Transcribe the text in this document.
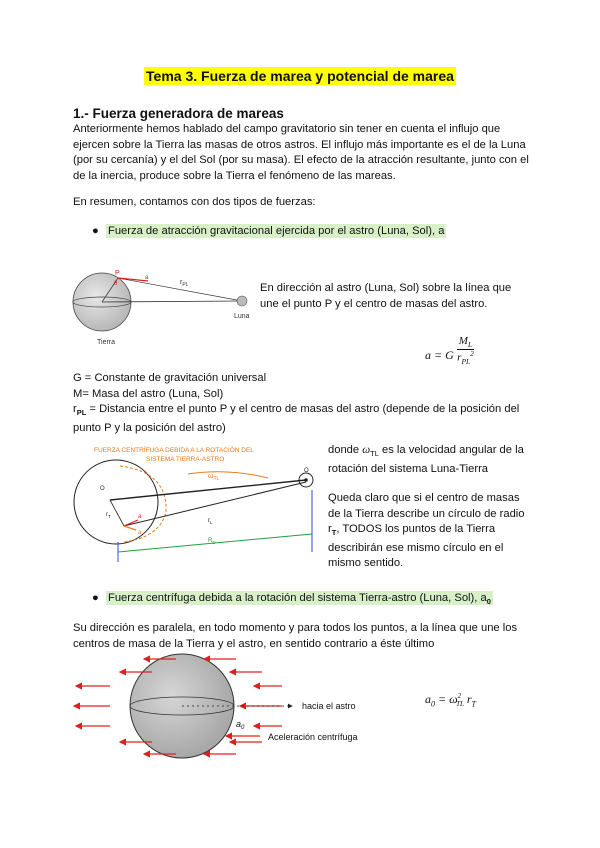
Tema 3. Fuerza de marea y potencial de marea
1.- Fuerza generadora de mareas
Anteriormente hemos hablado del campo gravitatorio sin tener en cuenta el influjo que
ejercen sobre la Tierra las masas de otros astros. El influjo más importante es el de la Luna
(por su cercanía) y el del Sol (por su masa). El efecto de la atracción resultante, junto con el
de la inercia, produce sobre la Tierra el fenómeno de las mareas.
En resumen, contamos con dos tipos de fuerzas:
● Fuerza de atracción gravitacional ejercida por el astro (Luna, Sol), a
P
θ
a
$r_{PL}$
Luna
Tierra
En dirección al astro (Luna, Sol) sobre la línea que
une el punto P y el centro de masas del astro.
a = G
$M_L$
$r_{PL}^2$
G = Constante de gravitación universal
M= Masa del astro (Luna, Sol)
$r_{PL}$ = Distancia entre el punto P y el centro de masas del astro (depende de la posición del
punto P y la posición del astro)
FUERZA CENTRÍFUGA DEBIDA A LA ROTACIÓN DEL
SISTEMA TIERRA-ASTRO
$\omega_{TL}$
O
O
$r_T$
$r_L$
$R_D$
a
a
donde $\omega_{TL}$ es la velocidad angular de la
rotación del sistema Luna-Tierra
Queda claro que si el centro de masas
de la Tierra describe un círculo de radio
$r_T$, TODOS los puntos de la Tierra
describirán ese mismo círculo en el
mismo sentido.
● Fuerza centrífuga debida a la rotación del sistema Tierra-astro (Luna, Sol), $a_0$
Su dirección es paralela, en todo momento y para todos los puntos, a la línea que une los
centros de masa de la Tierra y el astro, en sentido contrario a éste último
hacia el astro
$a_0$
Aceleración centrífuga
$a_0 = \omega^2_{TL}$ $r_T$
